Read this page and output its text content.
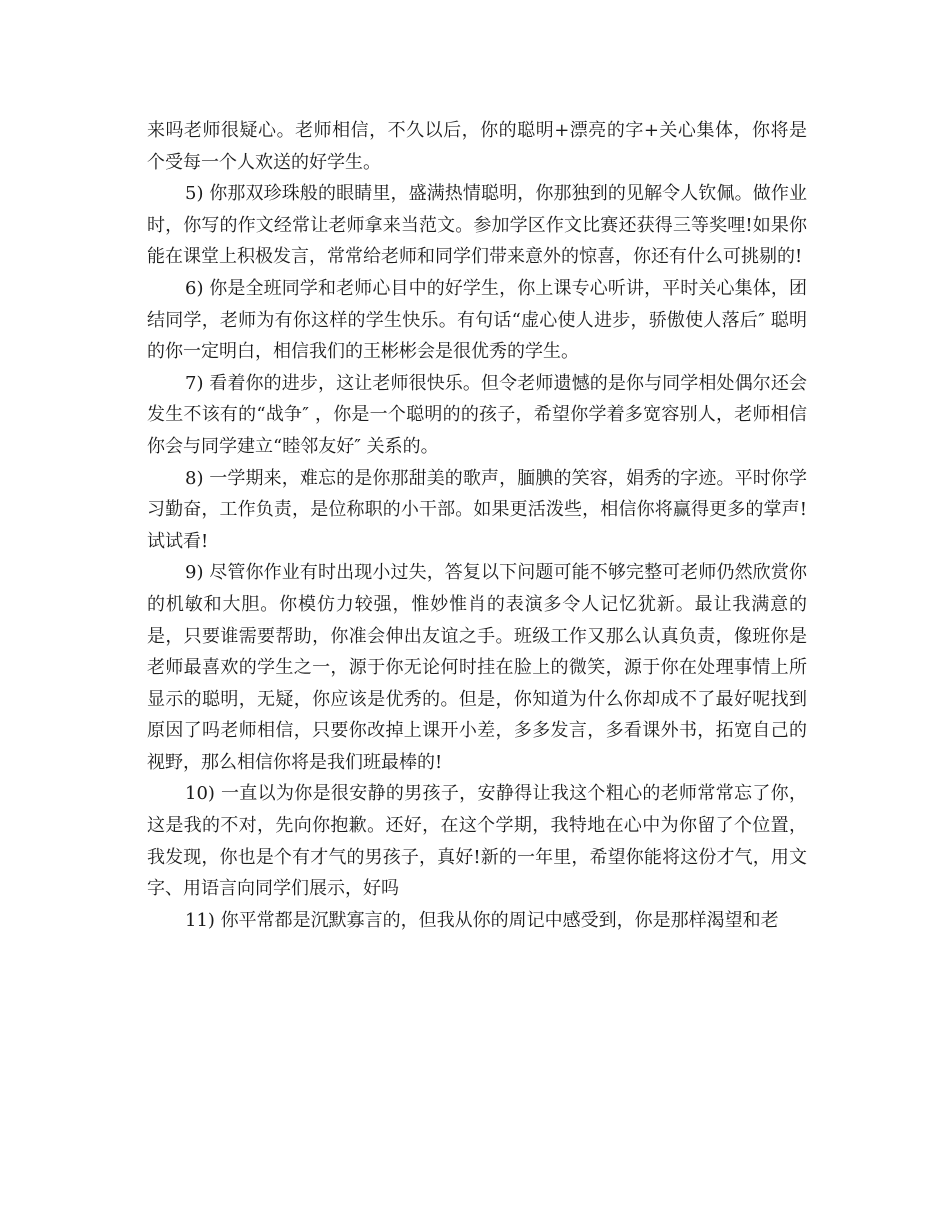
来吗老师很疑心。老师相信，不久以后，你的聪明+漂亮的字+关心集体，你将是个受每一个人欢送的好学生。

5) 你那双珍珠般的眼睛里，盛满热情聪明，你那独到的见解令人钦佩。做作业时，你写的作文经常让老师拿来当范文。参加学区作文比赛还获得三等奖哩!如果你能在课堂上积极发言，常常给老师和同学们带来意外的惊喜，你还有什么可挑剔的!

6) 你是全班同学和老师心目中的好学生，你上课专心听讲，平时关心集体，团结同学，老师为有你这样的学生快乐。有句话“虚心使人进步，骄傲使人落后″ 聪明的你一定明白，相信我们的王彬彬会是很优秀的学生。

7) 看着你的进步，这让老师很快乐。但令老师遗憾的是你与同学相处偶尔还会发生不该有的“战争″ ，你是一个聪明的的孩子，希望你学着多宽容别人，老师相信你会与同学建立“睦邻友好″ 关系的。

8) 一学期来，难忘的是你那甜美的歌声，腼腆的笑容，娟秀的字迹。平时你学习勤奋，工作负责，是位称职的小干部。如果更活泼些，相信你将赢得更多的掌声!试试看!

9) 尽管你作业有时出现小过失，答复以下问题可能不够完整可老师仍然欣赏你的机敏和大胆。你模仿力较强，惟妙惟肖的表演多令人记忆犹新。最让我满意的是，只要谁需要帮助，你准会伸出友谊之手。班级工作又那么认真负责，像班你是老师最喜欢的学生之一，源于你无论何时挂在脸上的微笑，源于你在处理事情上所显示的聪明，无疑，你应该是优秀的。但是，你知道为什么你却成不了最好呢找到原因了吗老师相信，只要你改掉上课开小差，多多发言，多看课外书，拓宽自己的视野，那么相信你将是我们班最棒的!

10) 一直以为你是很安静的男孩子，安静得让我这个粗心的老师常常忘了你，这是我的不对，先向你抱歉。还好，在这个学期，我特地在心中为你留了个位置，我发现，你也是个有才气的男孩子，真好!新的一年里，希望你能将这份才气，用文字、用语言向同学们展示，好吗

11) 你平常都是沉默寡言的，但我从你的周记中感受到，你是那样渴望和老
